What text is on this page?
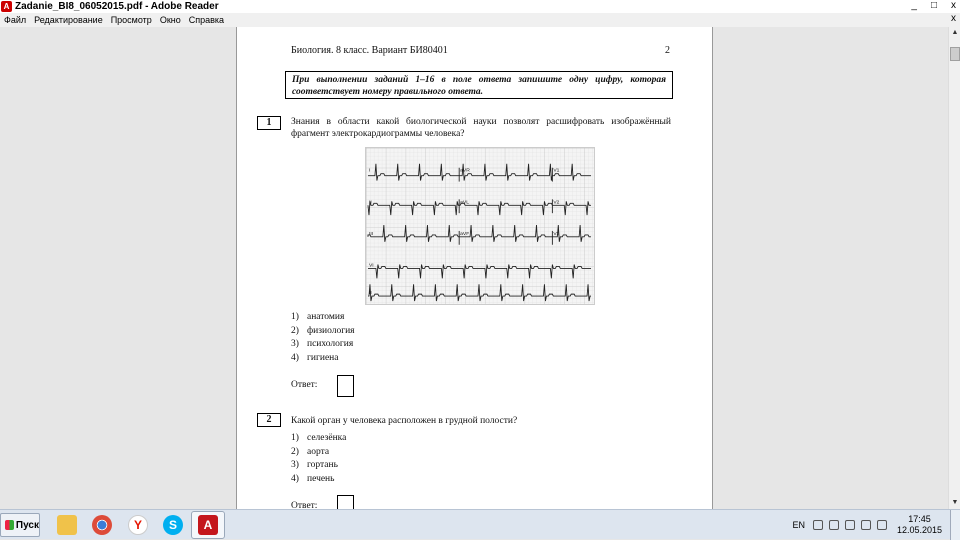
A Zadanie_BI8_06052015.pdf - Adobe Reader	_ □ x
Файл Редактирование Просмотр Окно Справка	x
Биология. 8 класс. Вариант БИ80401	2
При выполнении заданий 1–16 в поле ответа запишите одну цифру, которая соответствует номеру правильного ответа.
1	Знания в области какой биологической науки позволят расшифровать изображённый фрагмент электрокардиограммы человека?
I	aVR	V1
II	aVL	V2
III	aVF	V3
VI
II
1) анатомия
2) физиология
3) психология
4) гигиена
Ответ:
2	Какой орган у человека расположен в грудной полости?
1) селезёнка
2) аорта
3) гортань
4) печень
Ответ:
▲
▼
Пуск	Y	S	A	EN
17:45
12.05.2015
